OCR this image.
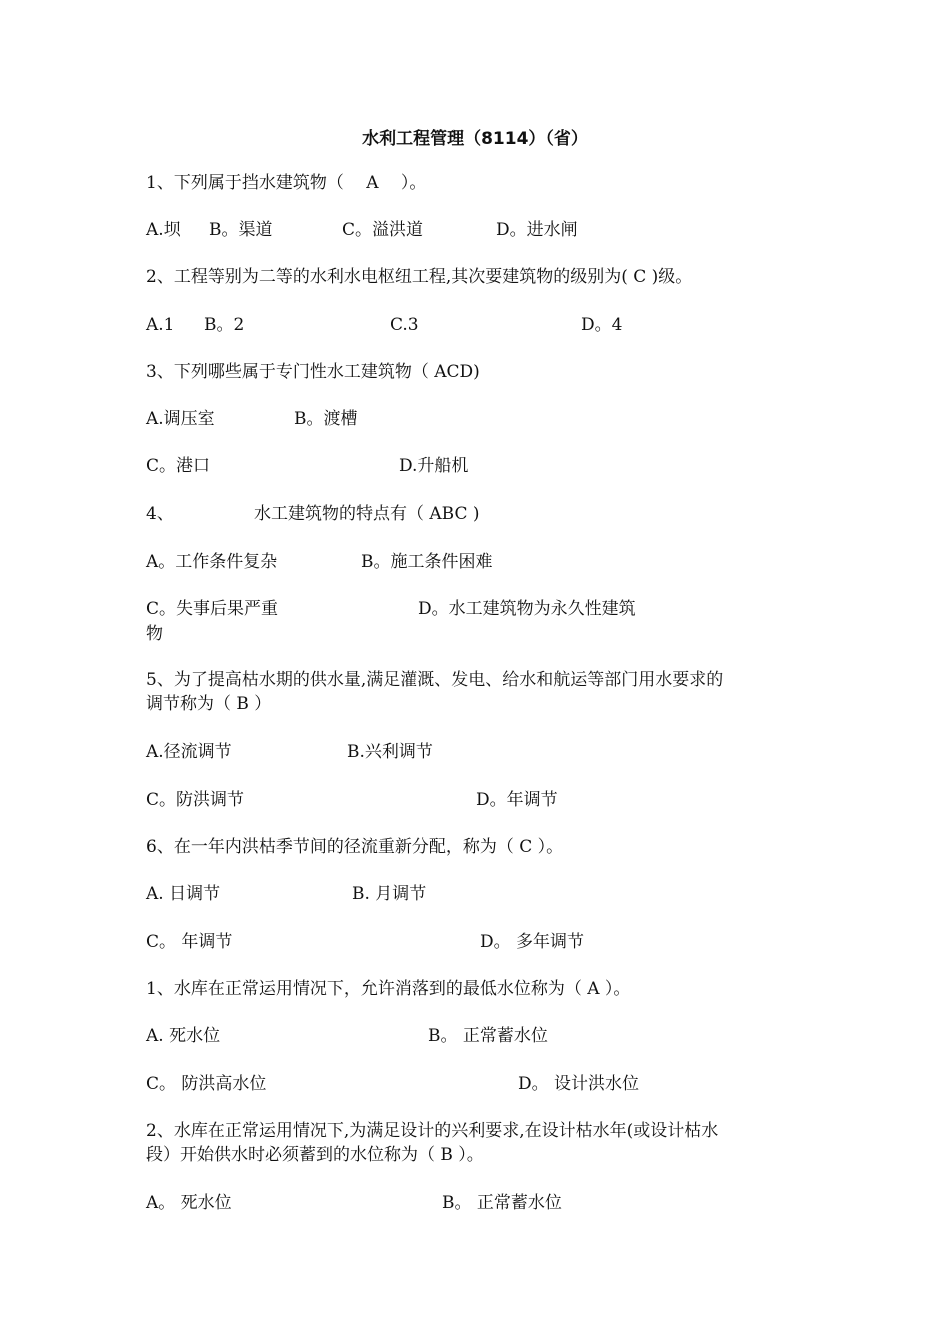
水利工程管理（8114）（省）
1、下列属于挡水建筑物（　 A　 ）。
A.坝 B。渠道	C。溢洪道	D。进水闸
2、工程等别为二等的水利水电枢纽工程,其次要建筑物的级别为( C )级。
A.1 B。2	C.3	D。4
3、下列哪些属于专门性水工建筑物（ ACD)
A.调压室	B。渡槽
C。港口	D.升船机
4、	水工建筑物的特点有（ ABC )
A。工作条件复杂	B。施工条件困难
C。失事后果严重	D。水工建筑物为永久性建筑
物
5、为了提高枯水期的供水量,满足灌溉、发电、给水和航运等部门用水要求的
调节称为（ B ）
A.径流调节	B.兴利调节
C。防洪调节	D。年调节
6、在一年内洪枯季节间的径流重新分配，称为（ C ）。
A. 日调节	B. 月调节
C。 年调节	D。 多年调节
1、水库在正常运用情况下，允许消落到的最低水位称为（ A ）。
A. 死水位	B。 正常蓄水位
C。 防洪高水位	D。 设计洪水位
2、水库在正常运用情况下,为满足设计的兴利要求,在设计枯水年(或设计枯水
段）开始供水时必须蓄到的水位称为（ B ）。
A。 死水位	B。 正常蓄水位
